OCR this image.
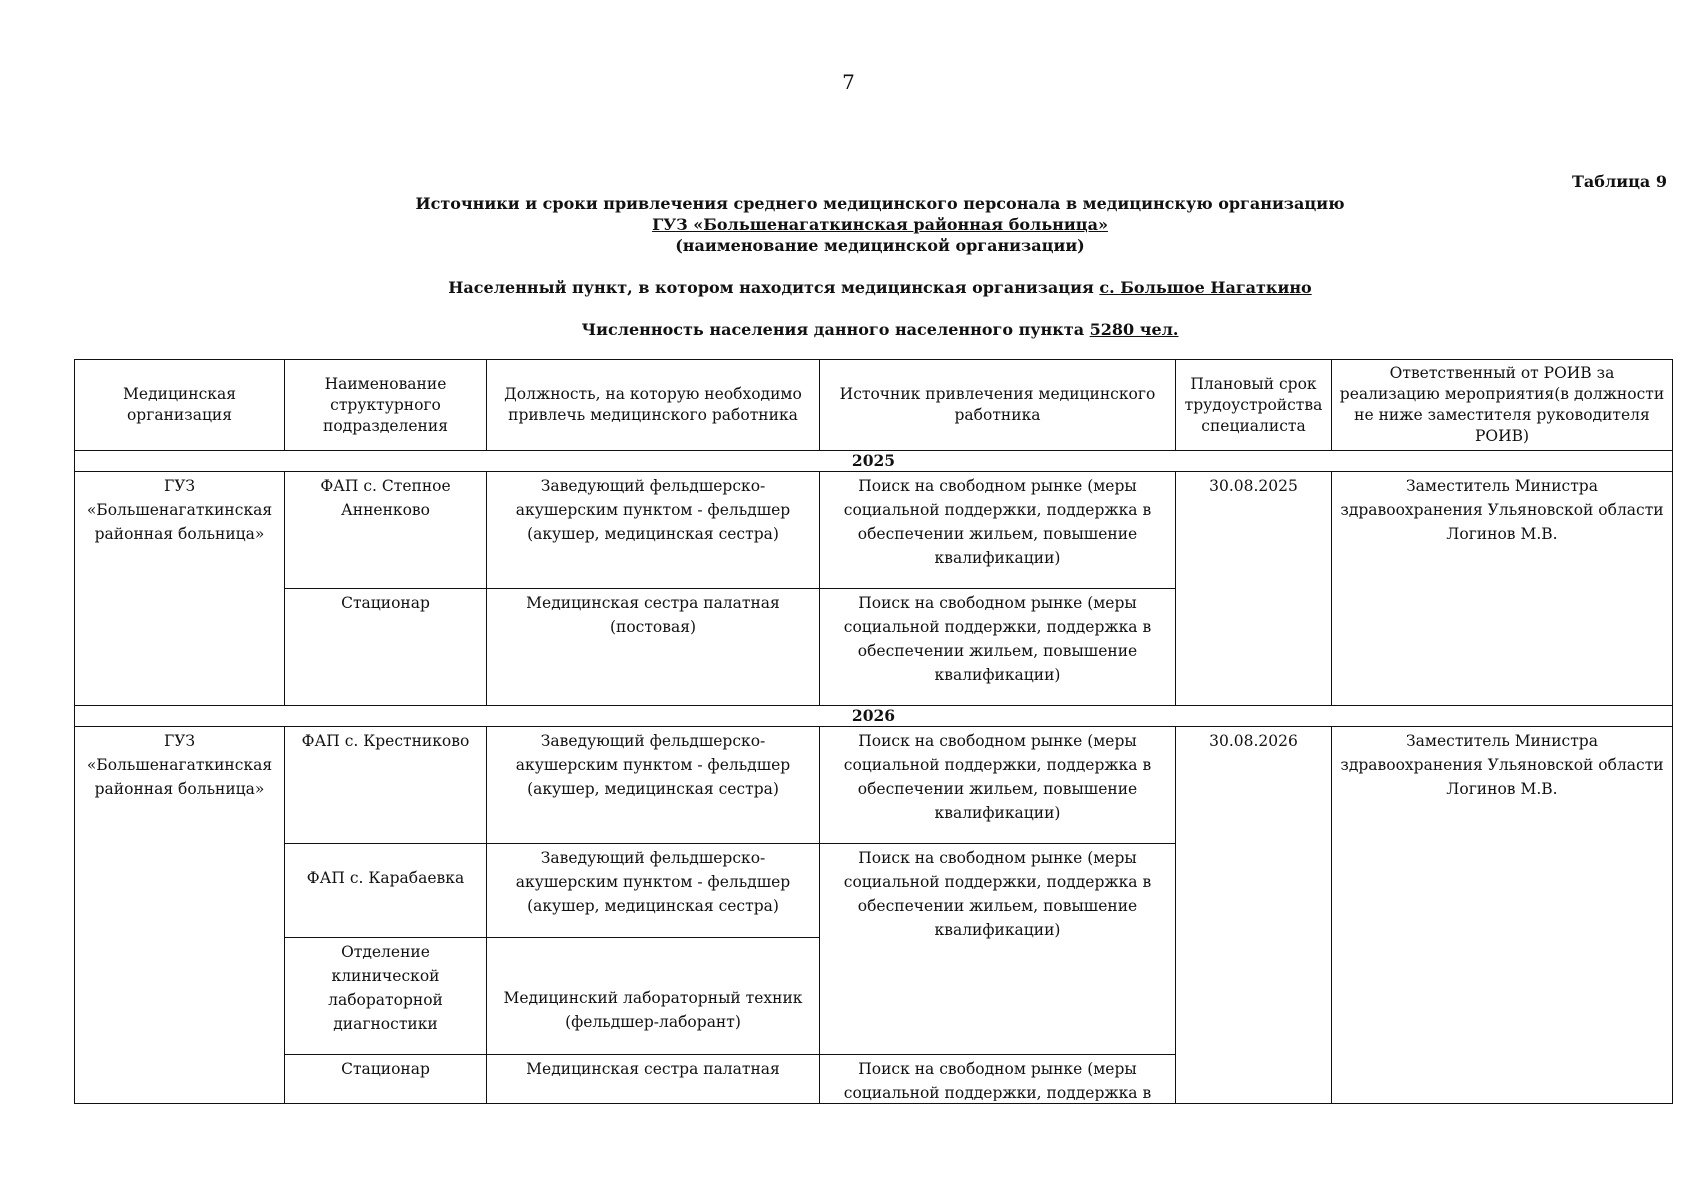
7
Таблица 9
Источники и сроки привлечения среднего медицинского персонала в медицинскую организацию
ГУЗ «Большенагаткинская районная больница»
(наименование медицинской организации)
Населенный пункт, в котором находится медицинская организация с. Большое Нагаткино
Численность населения данного населенного пункта 5280 чел.
Медицинская организация	Наименование структурного подразделения	Должность, на которую необходимо привлечь медицинского работника	Источник привлечения медицинского работника	Плановый срок трудоустройства специалиста	Ответственный от РОИВ за реализацию мероприятия(в должности не ниже заместителя руководителя РОИВ)
2025					
ГУЗ «Большенагаткинская районная больница»	ФАП с. Степное Анненково	Заведующий фельдшерско-акушерским пунктом - фельдшер (акушер, медицинская сестра)	Поиск на свободном рынке (меры социальной поддержки, поддержка в обеспечении жильем, повышение квалификации)	30.08.2025	Заместитель Министра здравоохранения Ульяновской области Логинов М.В.
	Стационар	Медицинская сестра палатная (постовая)	Поиск на свободном рынке (меры социальной поддержки, поддержка в обеспечении жильем, повышение квалификации)		
2026					
ГУЗ «Большенагаткинская районная больница»	ФАП с. Крестниково	Заведующий фельдшерско-акушерским пунктом - фельдшер (акушер, медицинская сестра)	Поиск на свободном рынке (меры социальной поддержки, поддержка в обеспечении жильем, повышение квалификации)	30.08.2026	Заместитель Министра здравоохранения Ульяновской области Логинов М.В.
	ФАП с. Карабаевка	Заведующий фельдшерско-акушерским пунктом - фельдшер (акушер, медицинская сестра)	Поиск на свободном рынке (меры социальной поддержки, поддержка в обеспечении жильем, повышение квалификации)		
	Отделение клинической лабораторной диагностики	Медицинский лабораторный техник (фельдшер-лаборант)			
	Стационар	Медицинская сестра палатная	Поиск на свободном рынке (меры социальной поддержки, поддержка в		
